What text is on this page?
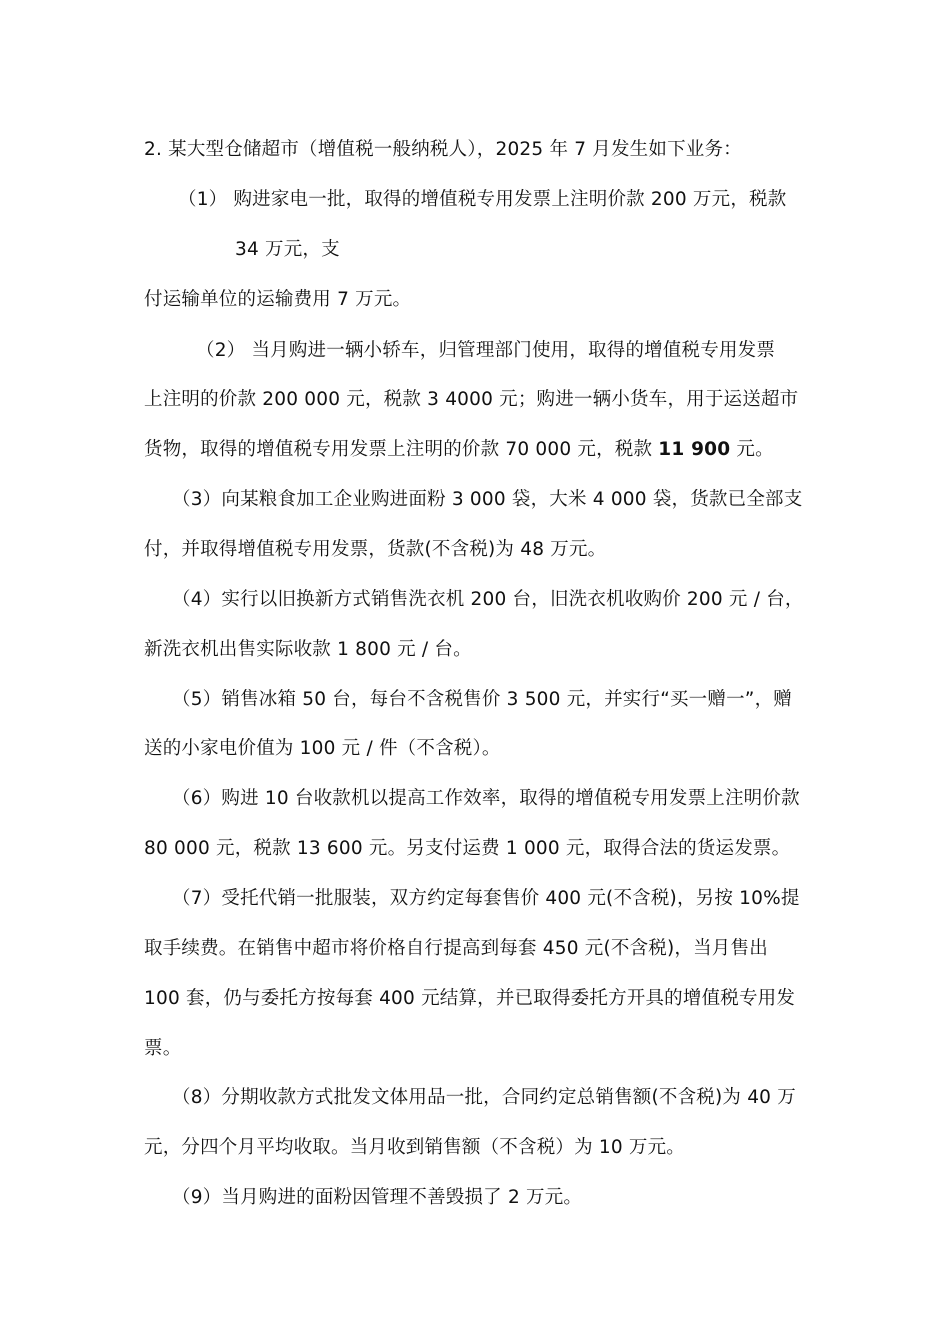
2. 某大型仓储超市（增值税一般纳税人），2025 年 7 月发生如下业务：
（1） 购进家电一批，取得的增值税专用发票上注明价款 200 万元，税款
34 万元，支
付运输单位的运输费用 7 万元。
（2） 当月购进一辆小轿车，归管理部门使用，取得的增值税专用发票
上注明的价款 200 000 元，税款 3 4000 元；购进一辆小货车，用于运送超市
货物，取得的增值税专用发票上注明的价款 70 000 元，税款 11 900 元。
（3）向某粮食加工企业购进面粉 3 000 袋，大米 4 000 袋，货款已全部支
付，并取得增值税专用发票，货款(不含税)为 48 万元。
（4）实行以旧换新方式销售洗衣机 200 台，旧洗衣机收购价 200 元 / 台，
新洗衣机出售实际收款 1 800 元 / 台。
（5）销售冰箱 50 台，每台不含税售价 3 500 元，并实行“买一赠一”，赠
送的小家电价值为 100 元 / 件（不含税）。
（6）购进 10 台收款机以提高工作效率，取得的增值税专用发票上注明价款
80 000 元，税款 13 600 元。另支付运费 1 000 元，取得合法的货运发票。
（7）受托代销一批服装，双方约定每套售价 400 元(不含税)，另按 10%提
取手续费。在销售中超市将价格自行提高到每套 450 元(不含税)，当月售出
100 套，仍与委托方按每套 400 元结算，并已取得委托方开具的增值税专用发
票。
（8）分期收款方式批发文体用品一批，合同约定总销售额(不含税)为 40 万
元，分四个月平均收取。当月收到销售额（不含税）为 10 万元。
（9）当月购进的面粉因管理不善毁损了 2 万元。
